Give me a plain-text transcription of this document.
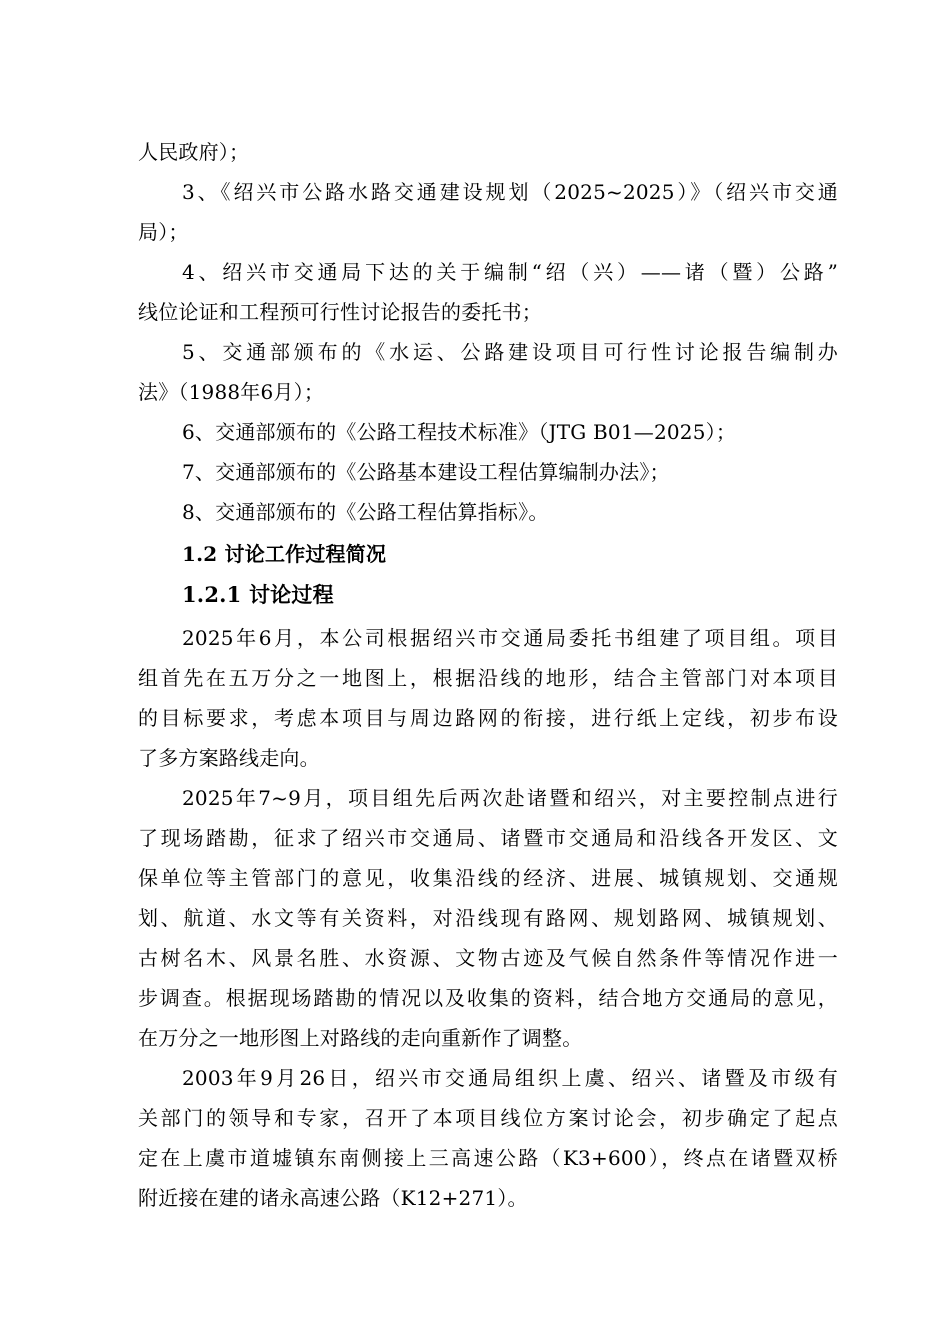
人民政府）；
3、《绍兴市公路水路交通建设规划（2025~2025）》（绍兴市交通
局）；
4、绍兴市交通局下达的关于编制“绍（兴）——诸（暨）公路”
线位论证和工程预可行性讨论报告的委托书；
5、交通部颁布的《水运、公路建设项目可行性讨论报告编制办
法》（1988年6月）；
6、交通部颁布的《公路工程技术标准》（JTG B01—2025）；
7、交通部颁布的《公路基本建设工程估算编制办法》；
8、交通部颁布的《公路工程估算指标》。
1.2 讨论工作过程简况
1.2.1 讨论过程
2025年6月，本公司根据绍兴市交通局委托书组建了项目组。项目
组首先在五万分之一地图上，根据沿线的地形，结合主管部门对本项目
的目标要求，考虑本项目与周边路网的衔接，进行纸上定线，初步布设
了多方案路线走向。
2025年7~9月，项目组先后两次赴诸暨和绍兴，对主要控制点进行
了现场踏勘，征求了绍兴市交通局、诸暨市交通局和沿线各开发区、文
保单位等主管部门的意见，收集沿线的经济、进展、城镇规划、交通规
划、航道、水文等有关资料，对沿线现有路网、规划路网、城镇规划、
古树名木、风景名胜、水资源、文物古迹及气候自然条件等情况作进一
步调查。根据现场踏勘的情况以及收集的资料，结合地方交通局的意见，
在万分之一地形图上对路线的走向重新作了调整。
2003年9月26日，绍兴市交通局组织上虞、绍兴、诸暨及市级有
关部门的领导和专家，召开了本项目线位方案讨论会，初步确定了起点
定在上虞市道墟镇东南侧接上三高速公路（K3+600），终点在诸暨双桥
附近接在建的诸永高速公路（K12+271）。
